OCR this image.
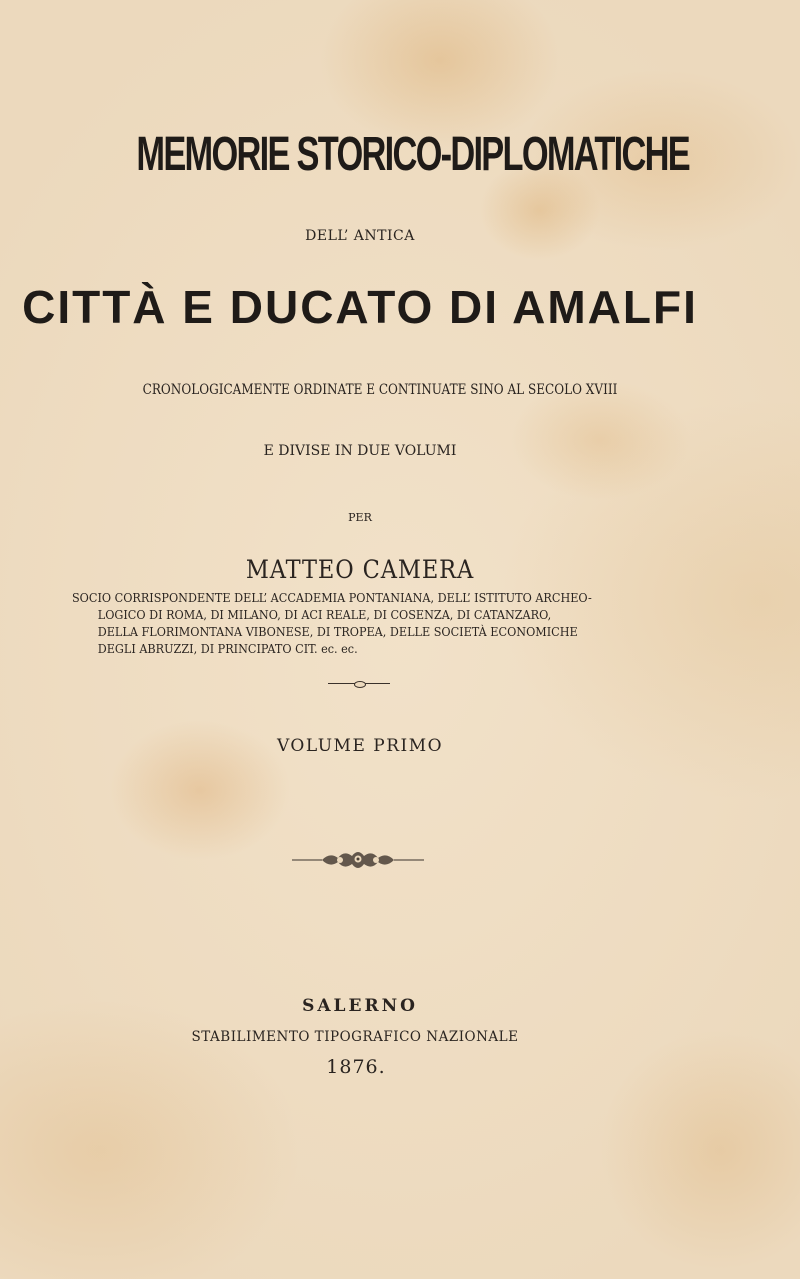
MEMORIE STORICO-DIPLOMATICHE

DELL’ ANTICA

CITTÀ E DUCATO DI AMALFI

CRONOLOGICAMENTE ORDINATE E CONTINUATE SINO AL SECOLO XVIII

E DIVISE IN DUE VOLUMI

PER

MATTEO CAMERA

SOCIO CORRISPONDENTE DELL’ ACCADEMIA PONTANIANA, DELL’ ISTITUTO ARCHEO-
LOGICO DI ROMA, DI MILANO, DI ACI REALE, DI COSENZA, DI CATANZARO,
DELLA FLORIMONTANA VIBONESE, DI TROPEA, DELLE SOCIETÀ ECONOMICHE
DEGLI ABRUZZI, DI PRINCIPATO CIT. ec. ec.

VOLUME PRIMO

SALERNO

STABILIMENTO TIPOGRAFICO NAZIONALE

1876.
